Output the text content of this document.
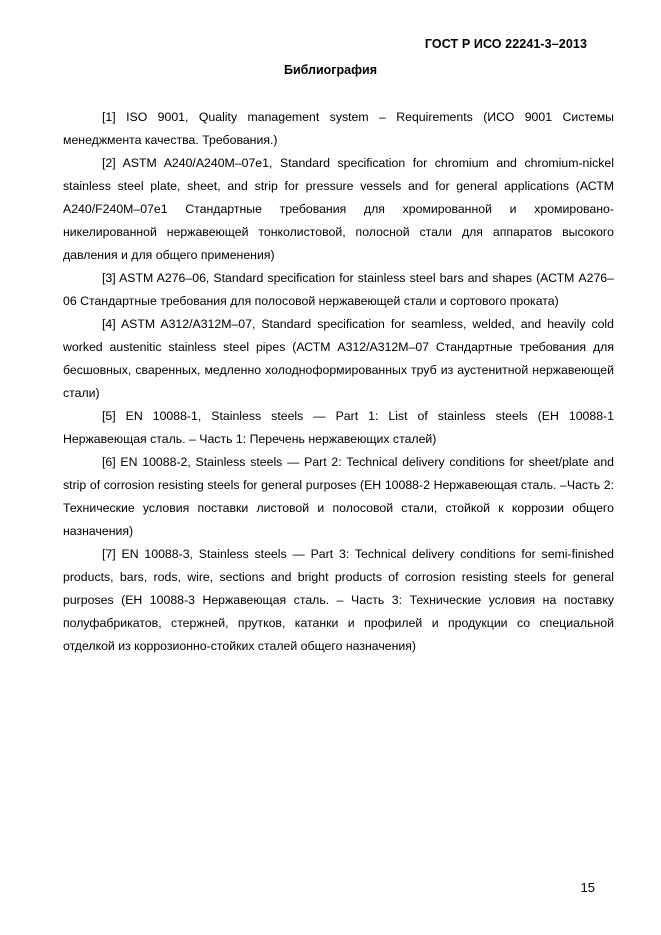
ГОСТ Р ИСО 22241-3–2013
Библиография
[1] ISO 9001, Quality management system – Requirements (ИСО 9001 Системы менеджмента качества. Требования.)
[2] ASTM A240/A240M–07e1, Standard specification for chromium and chromium-nickel stainless steel plate, sheet, and strip for pressure vessels and for general applications (АСТМ A240/F240M–07e1 Стандартные требования для хромированной и хромировано-никелированной нержавеющей тонколистовой, полосной стали для аппаратов высокого давления и для общего применения)
[3] ASTM A276–06, Standard specification for stainless steel bars and shapes (АСТМ А276–06 Стандартные требования для полосовой нержавеющей стали и сортового проката)
[4] ASTM A312/A312M–07, Standard specification for seamless, welded, and heavily cold worked austenitic stainless steel pipes (АСТМ A312/A312M–07 Стандартные требования для бесшовных, сваренных, медленно холоднoформированных труб из аустенитной нержавеющей стали)
[5] EN 10088-1, Stainless steels — Part 1: List of stainless steels (ЕН 10088-1 Нержавеющая сталь. – Часть 1: Перечень нержавеющих сталей)
[6] EN 10088-2, Stainless steels — Part 2: Technical delivery conditions for sheet/plate and strip of corrosion resisting steels for general purposes (ЕН 10088-2 Нержавеющая сталь. –Часть 2: Технические условия поставки листовой и полосовой стали, стойкой к коррозии общего назначения)
[7] EN 10088-3, Stainless steels — Part 3: Technical delivery conditions for semi-finished products, bars, rods, wire, sections and bright products of corrosion resisting steels for general purposes (ЕН 10088-3 Нержавеющая сталь. – Часть 3: Технические условия на поставку полуфабрикатов, стержней, прутков, катанки и профилей и продукции со специальной отделкой из коррозионно-стойких сталей общего назначения)
15
